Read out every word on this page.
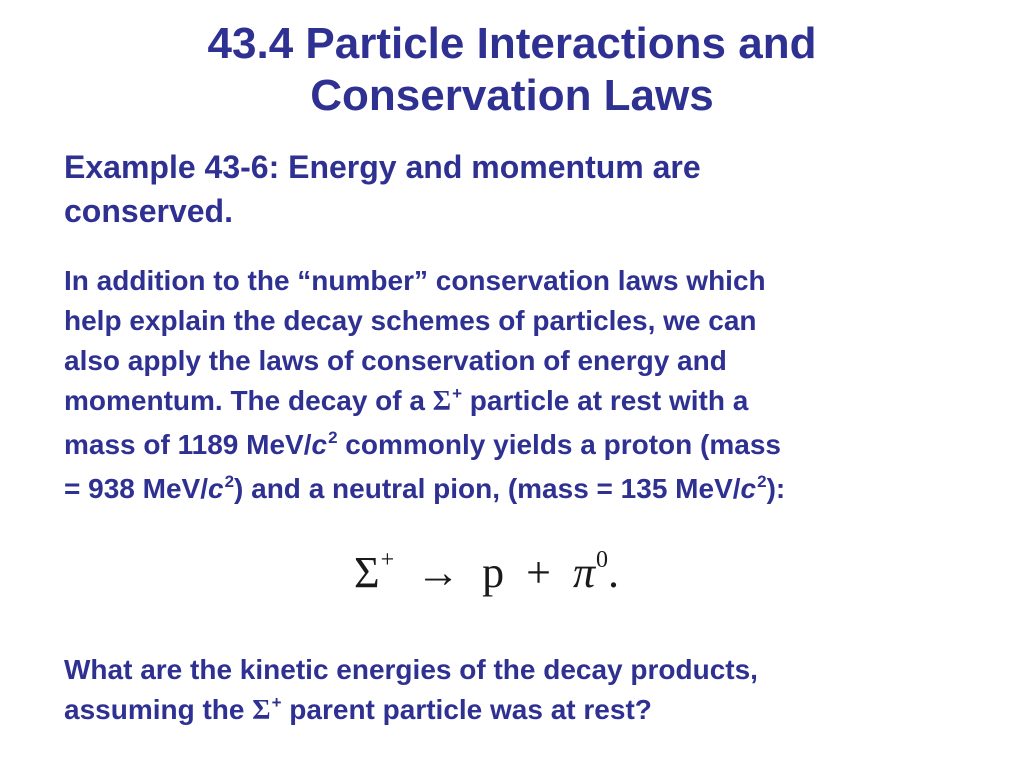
43.4 Particle Interactions and
Conservation Laws
Example 43-6: Energy and momentum are
conserved.
In addition to the “number” conservation laws which
help explain the decay schemes of particles, we can
also apply the laws of conservation of energy and
momentum. The decay of a Σ+ particle at rest with a
mass of 1189 MeV/$c^2$ commonly yields a proton (mass
= 938 MeV/$c^2$) and a neutral pion, (mass = 135 MeV/$c^2$):
$\Sigma^+ \to p + \pi^0$.
What are the kinetic energies of the decay products,
assuming the Σ+ parent particle was at rest?
